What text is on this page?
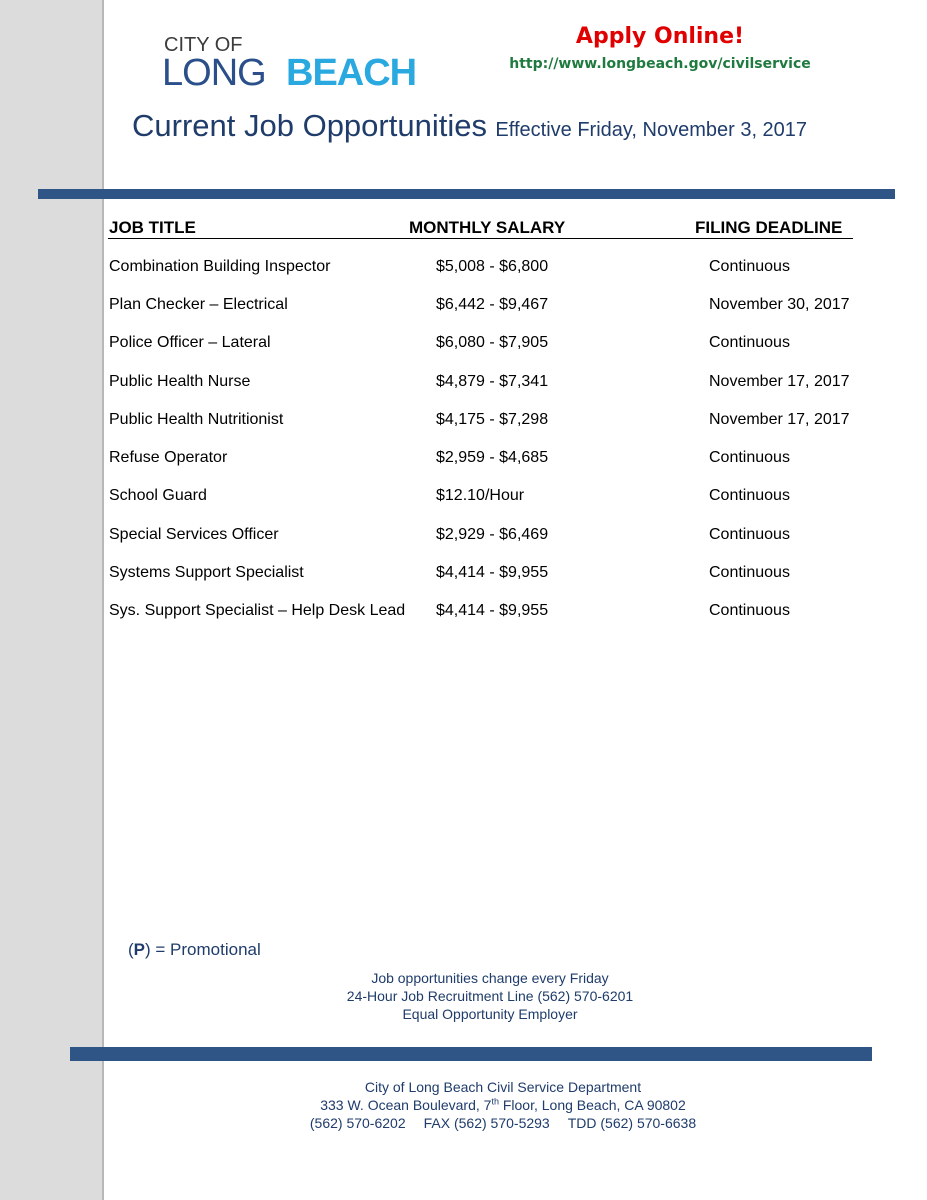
CITY OF
LONG BEACH
Apply Online!
http://www.longbeach.gov/civilservice
Current Job Opportunities Effective Friday, November 3, 2017
JOB TITLE	MONTHLY SALARY	FILING DEADLINE
Combination Building Inspector	$5,008 - $6,800	Continuous
Plan Checker – Electrical	$6,442 - $9,467	November 30, 2017
Police Officer – Lateral	$6,080 - $7,905	Continuous
Public Health Nurse	$4,879 - $7,341	November 17, 2017
Public Health Nutritionist	$4,175 - $7,298	November 17, 2017
Refuse Operator	$2,959 - $4,685	Continuous
School Guard	$12.10/Hour	Continuous
Special Services Officer	$2,929 - $6,469	Continuous
Systems Support Specialist	$4,414 - $9,955	Continuous
Sys. Support Specialist – Help Desk Lead $4,414 - $9,955	Continuous
(P) = Promotional
Job opportunities change every Friday
24-Hour Job Recruitment Line (562) 570-6201
Equal Opportunity Employer
City of Long Beach Civil Service Department
333 W. Ocean Boulevard, 7th Floor, Long Beach, CA 90802
(562) 570-6202 FAX (562) 570-5293 TDD (562) 570-6638
